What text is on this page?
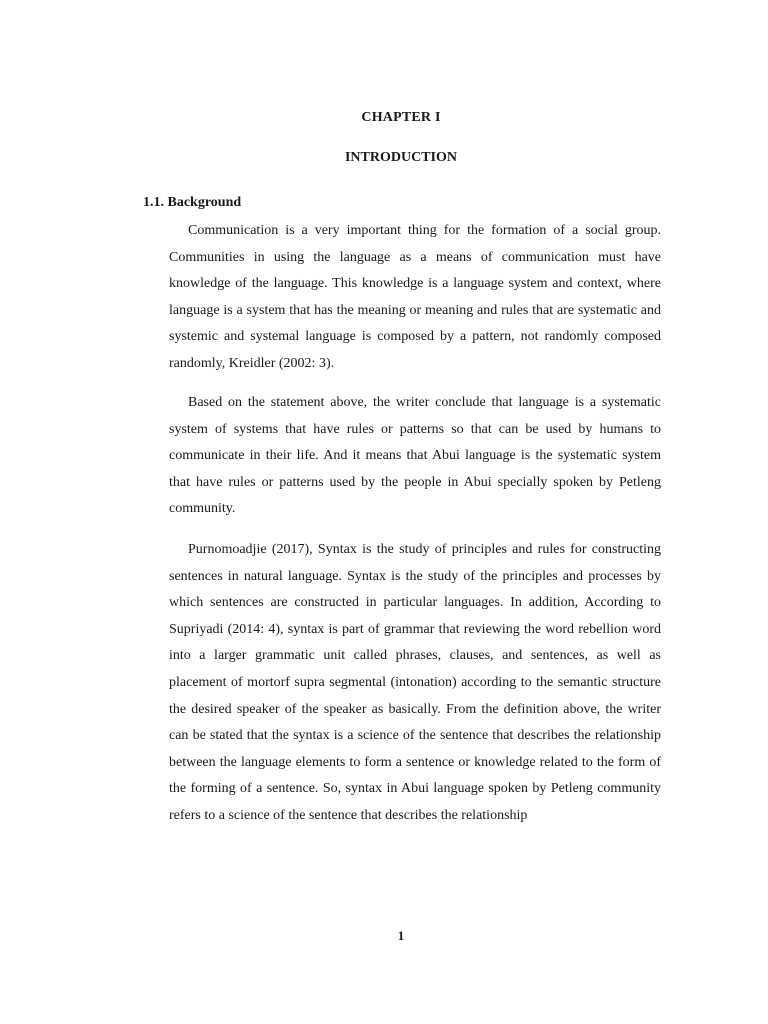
CHAPTER I
INTRODUCTION
1.1. Background

Communication is a very important thing for the formation of a social group. Communities in using the language as a means of communication must have knowledge of the language. This knowledge is a language system and context, where language is a system that has the meaning or meaning and rules that are systematic and systemic and systemal language is composed by a pattern, not randomly composed randomly, Kreidler (2002: 3).

Based on the statement above, the writer conclude that language is a systematic system of systems that have rules or patterns so that can be used by humans to communicate in their life. And it means that Abui language is the systematic system that have rules or patterns used by the people in Abui specially spoken by Petleng community.

Purnomoadjie (2017), Syntax is the study of principles and rules for constructing sentences in natural language. Syntax is the study of the principles and processes by which sentences are constructed in particular languages. In addition, According to Supriyadi (2014: 4), syntax is part of grammar that reviewing the word rebellion word into a larger grammatic unit called phrases, clauses, and sentences, as well as placement of mortorf supra segmental (intonation) according to the semantic structure the desired speaker of the speaker as basically. From the definition above, the writer can be stated that the syntax is a science of the sentence that describes the relationship between the language elements to form a sentence or knowledge related to the form of the forming of a sentence. So, syntax in Abui language spoken by Petleng community refers to a science of the sentence that describes the relationship

1
